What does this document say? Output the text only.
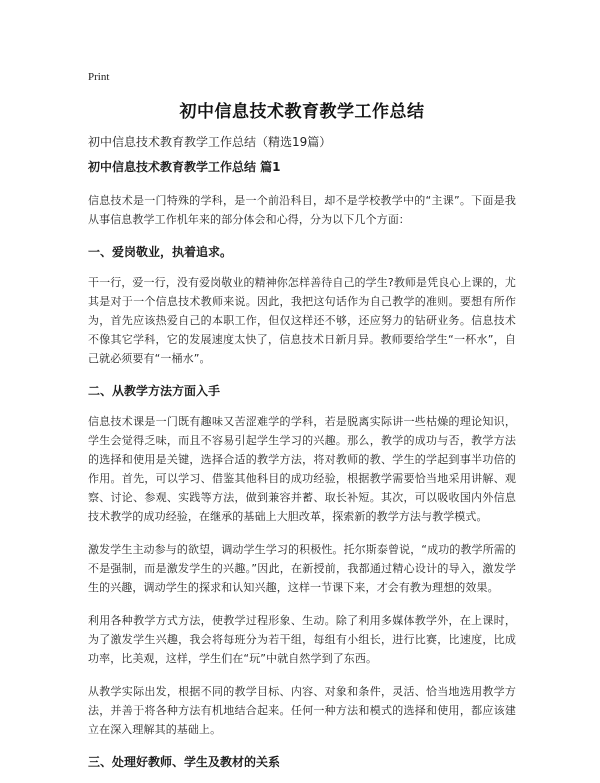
Print
初中信息技术教育教学工作总结

初中信息技术教育教学工作总结（精选19篇）

初中信息技术教育教学工作总结 篇1

信息技术是一门特殊的学科，是一个前沿科目，却不是学校教学中的“主课”。下面是我从事信息教学工作机年来的部分体会和心得，分为以下几个方面：

一、爱岗敬业，执着追求。

干一行，爱一行，没有爱岗敬业的精神你怎样善待自己的学生?教师是凭良心上课的，尤其是对于一个信息技术教师来说。因此，我把这句话作为自己教学的准则。要想有所作为，首先应该热爱自己的本职工作，但仅这样还不够，还应努力的钻研业务。信息技术不像其它学科，它的发展速度太快了，信息技术日新月异。教师要给学生“一杯水”，自己就必须要有“一桶水”。

二、从教学方法方面入手

信息技术课是一门既有趣味又苦涩难学的学科，若是脱离实际讲一些枯燥的理论知识，学生会觉得乏味，而且不容易引起学生学习的兴趣。那么，教学的成功与否，教学方法的选择和使用是关键，选择合适的教学方法，将对教师的教、学生的学起到事半功倍的作用。首先，可以学习、借鉴其他科目的成功经验，根据教学需要恰当地采用讲解、观察、讨论、参观、实践等方法，做到兼容并蓄、取长补短。其次，可以吸收国内外信息技术教学的成功经验，在继承的基础上大胆改革，探索新的教学方法与教学模式。

激发学生主动参与的欲望，调动学生学习的积极性。托尔斯泰曾说，“成功的教学所需的不是强制，而是激发学生的兴趣。”因此，在新授前，我都通过精心设计的导入，激发学生的兴趣，调动学生的探求和认知兴趣，这样一节课下来，才会有教为理想的效果。

利用各种教学方式方法，使教学过程形象、生动。除了利用多媒体教学外，在上课时，为了激发学生兴趣，我会将每班分为若干组，每组有小组长，进行比赛，比速度，比成功率，比美观，这样，学生们在“玩”中就自然学到了东西。

从教学实际出发，根据不同的教学目标、内容、对象和条件，灵活、恰当地选用教学方法，并善于将各种方法有机地结合起来。任何一种方法和模式的选择和使用，都应该建立在深入理解其的基础上。

三、处理好教师、学生及教材的关系
